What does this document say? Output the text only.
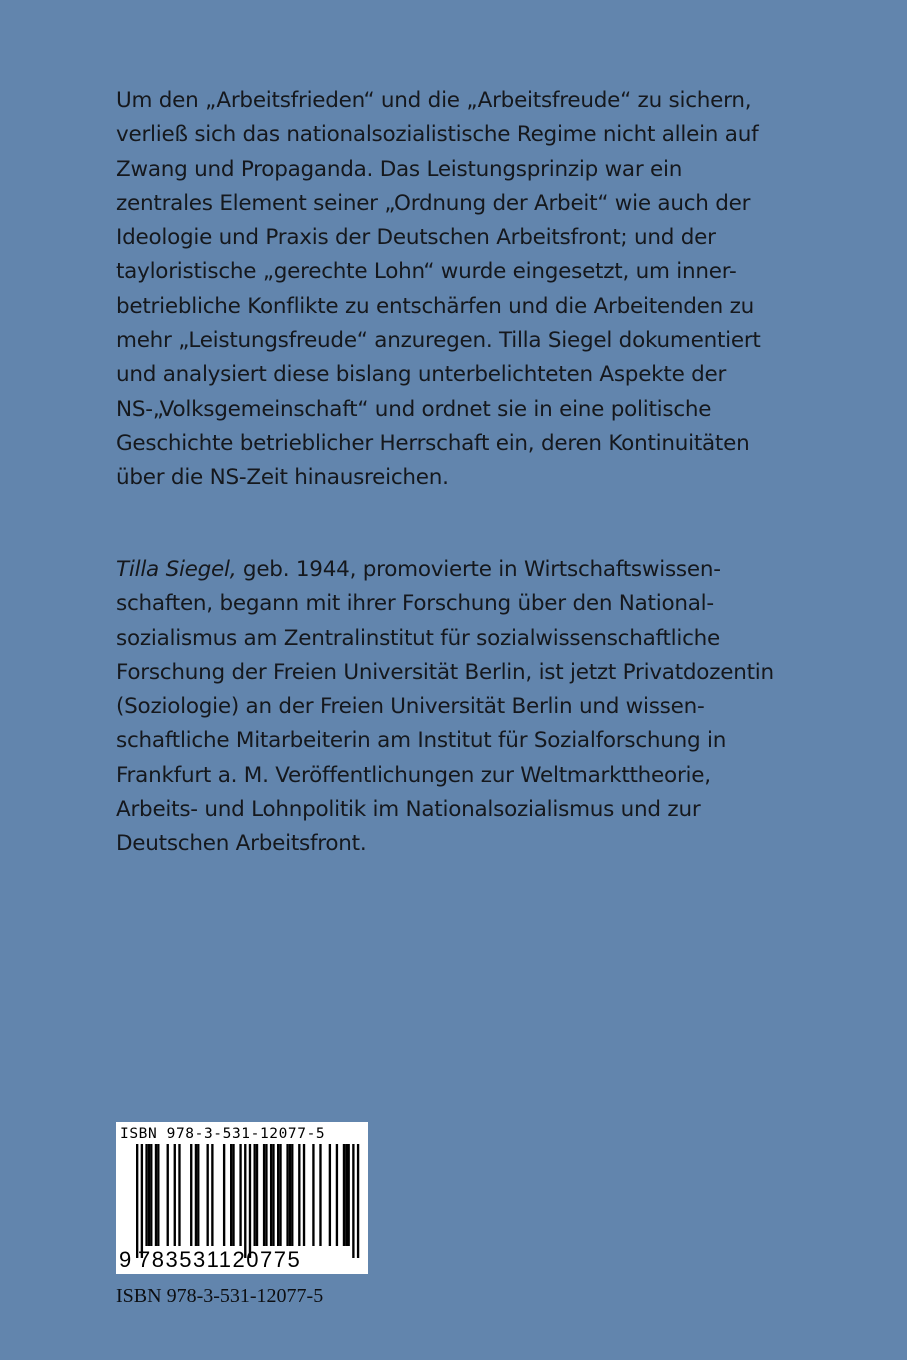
Um den „Arbeitsfrieden“ und die „Arbeitsfreude“ zu sichern,
verließ sich das nationalsozialistische Regime nicht allein auf
Zwang und Propaganda. Das Leistungsprinzip war ein
zentrales Element seiner „Ordnung der Arbeit“ wie auch der
Ideologie und Praxis der Deutschen Arbeitsfront; und der
tayloristische „gerechte Lohn“ wurde eingesetzt, um inner-
betriebliche Konflikte zu entschärfen und die Arbeitenden zu
mehr „Leistungsfreude“ anzuregen. Tilla Siegel dokumentiert
und analysiert diese bislang unterbelichteten Aspekte der
NS-„Volksgemeinschaft“ und ordnet sie in eine politische
Geschichte betrieblicher Herrschaft ein, deren Kontinuitäten
über die NS-Zeit hinausreichen.
Tilla Siegel, geb. 1944, promovierte in Wirtschaftswissen-
schaften, begann mit ihrer Forschung über den National-
sozialismus am Zentralinstitut für sozialwissenschaftliche
Forschung der Freien Universität Berlin, ist jetzt Privatdozentin
(Soziologie) an der Freien Universität Berlin und wissen-
schaftliche Mitarbeiterin am Institut für Sozialforschung in
Frankfurt a. M. Veröffentlichungen zur Weltmarkttheorie,
Arbeits- und Lohnpolitik im Nationalsozialismus und zur
Deutschen Arbeitsfront.
ISBN 978-3-531-12077-5
9 783531120775
ISBN 978-3-531-12077-5
